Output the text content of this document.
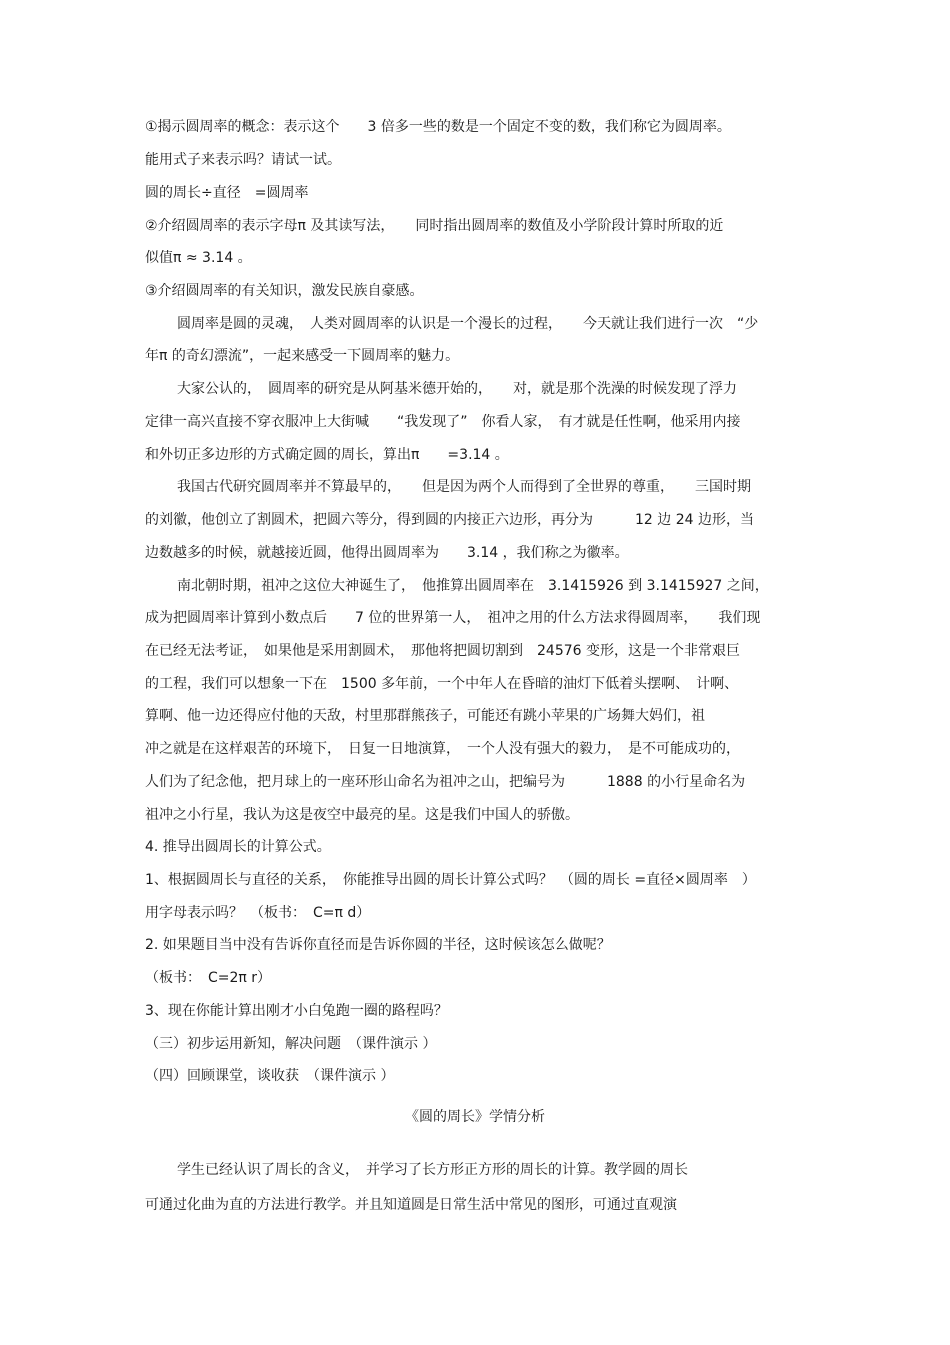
①揭示圆周率的概念：表示这个　　3 倍多一些的数是一个固定不变的数，我们称它为圆周率。
能用式子来表示吗？请试一试。
圆的周长÷直径　=圆周率
②介绍圆周率的表示字母π 及其读写法，　　同时指出圆周率的数值及小学阶段计算时所取的近
似值π ≈ 3.14 。
③介绍圆周率的有关知识，激发民族自豪感。
圆周率是圆的灵魂，　人类对圆周率的认识是一个漫长的过程，　　今天就让我们进行一次　“少
年π 的奇幻漂流”，一起来感受一下圆周率的魅力。
大家公认的，　圆周率的研究是从阿基米德开始的，　　对，就是那个洗澡的时候发现了浮力
定律一高兴直接不穿衣服冲上大街喊　　“我发现了”　你看人家，　有才就是任性啊，他采用内接
和外切正多边形的方式确定圆的周长，算出π　　=3.14 。
我国古代研究圆周率并不算最早的，　　但是因为两个人而得到了全世界的尊重，　　三国时期
的刘徽，他创立了割圆术，把圆六等分，得到圆的内接正六边形，再分为　　　12 边 24 边形，当
边数越多的时候，就越接近圆，他得出圆周率为　　3.14 ，我们称之为徽率。
南北朝时期，祖冲之这位大神诞生了，　他推算出圆周率在　3.1415926 到 3.1415927 之间，
成为把圆周率计算到小数点后　　7 位的世界第一人，　祖冲之用的什么方法求得圆周率，　　我们现
在已经无法考证，　如果他是采用割圆术，　那他将把圆切割到　24576 变形，这是一个非常艰巨
的工程，我们可以想象一下在　1500 多年前，一个中年人在昏暗的油灯下低着头摆啊、　计啊、
算啊、他一边还得应付他的天敌，村里那群熊孩子，可能还有跳小苹果的广场舞大妈们，祖
冲之就是在这样艰苦的环境下，　日复一日地演算，　一个人没有强大的毅力，　是不可能成功的，
人们为了纪念他，把月球上的一座环形山命名为祖冲之山，把编号为　　　1888 的小行星命名为
祖冲之小行星，我认为这是夜空中最亮的星。这是我们中国人的骄傲。
4. 推导出圆周长的计算公式。
1、根据圆周长与直径的关系，　你能推导出圆的周长计算公式吗？　（圆的周长 =直径×圆周率　）
用字母表示吗？　（板书：　C=π d）
2. 如果题目当中没有告诉你直径而是告诉你圆的半径，这时候该怎么做呢？
（板书：　C=2π r）
3、现在你能计算出刚才小白兔跑一圈的路程吗？
（三）初步运用新知，解决问题　（课件演示 ）
（四）回顾课堂，谈收获　（课件演示 ）
《圆的周长》学情分析
学生已经认识了周长的含义，　并学习了长方形正方形的周长的计算。教学圆的周长
可通过化曲为直的方法进行教学。并且知道圆是日常生活中常见的图形，可通过直观演
